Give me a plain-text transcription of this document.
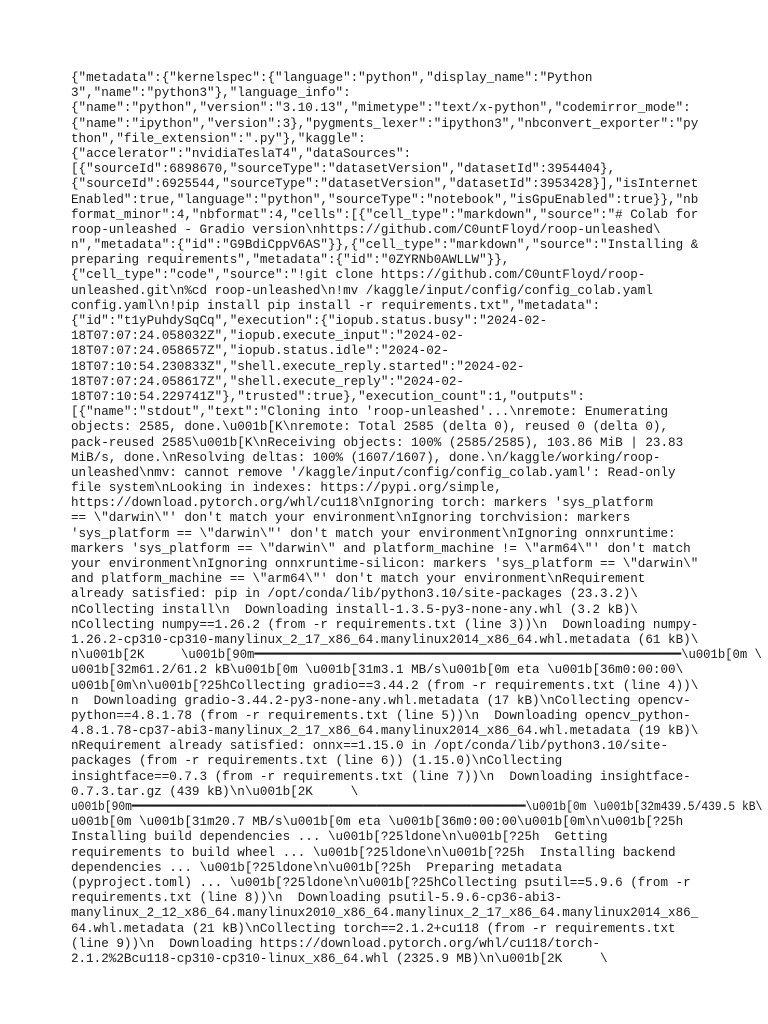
{"metadata":{"kernelspec":{"language":"python","display_name":"Python
3","name":"python3"},"language_info":
{"name":"python","version":"3.10.13","mimetype":"text/x-python","codemirror_mode":
{"name":"ipython","version":3},"pygments_lexer":"ipython3","nbconvert_exporter":"py
thon","file_extension":".py"},"kaggle":
{"accelerator":"nvidiaTeslaT4","dataSources":
[{"sourceId":6898670,"sourceType":"datasetVersion","datasetId":3954404},
{"sourceId":6925544,"sourceType":"datasetVersion","datasetId":3953428}],"isInternet
Enabled":true,"language":"python","sourceType":"notebook","isGpuEnabled":true}},"nb
format_minor":4,"nbformat":4,"cells":[{"cell_type":"markdown","source":"# Colab for
roop-unleashed - Gradio version\nhttps://github.com/C0untFloyd/roop-unleashed\
n","metadata":{"id":"G9BdiCppV6AS"}},{"cell_type":"markdown","source":"Installing &
preparing requirements","metadata":{"id":"0ZYRNb0AWLLW"}},
{"cell_type":"code","source":"!git clone https://github.com/C0untFloyd/roop-
unleashed.git\n%cd roop-unleashed\n!mv /kaggle/input/config/config_colab.yaml
config.yaml\n!pip install pip install -r requirements.txt","metadata":
{"id":"t1yPuhdySqCq","execution":{"iopub.status.busy":"2024-02-
18T07:07:24.058032Z","iopub.execute_input":"2024-02-
18T07:07:24.058657Z","iopub.status.idle":"2024-02-
18T07:10:54.230833Z","shell.execute_reply.started":"2024-02-
18T07:07:24.058617Z","shell.execute_reply":"2024-02-
18T07:10:54.229741Z"},"trusted":true},"execution_count":1,"outputs":
[{"name":"stdout","text":"Cloning into 'roop-unleashed'...\nremote: Enumerating
objects: 2585, done.\u001b[K\nremote: Total 2585 (delta 0), reused 0 (delta 0),
pack-reused 2585\u001b[K\nReceiving objects: 100% (2585/2585), 103.86 MiB | 23.83
MiB/s, done.\nResolving deltas: 100% (1607/1607), done.\n/kaggle/working/roop-
unleashed\nmv: cannot remove '/kaggle/input/config/config_colab.yaml': Read-only
file system\nLooking in indexes: https://pypi.org/simple,
https://download.pytorch.org/whl/cu118\nIgnoring torch: markers 'sys_platform
== \"darwin\"' don't match your environment\nIgnoring torchvision: markers
'sys_platform == \"darwin\"' don't match your environment\nIgnoring onnxruntime:
markers 'sys_platform == \"darwin\" and platform_machine != \"arm64\"' don't match
your environment\nIgnoring onnxruntime-silicon: markers 'sys_platform == \"darwin\"
and platform_machine == \"arm64\"' don't match your environment\nRequirement
already satisfied: pip in /opt/conda/lib/python3.10/site-packages (23.3.2)\
nCollecting install\n  Downloading install-1.3.5-py3-none-any.whl (3.2 kB)\
nCollecting numpy==1.26.2 (from -r requirements.txt (line 3))\n  Downloading numpy-
1.26.2-cp310-cp310-manylinux_2_17_x86_64.manylinux2014_x86_64.whl.metadata (61 kB)\
n\u001b[2K     \u001b[90m━━━━━━━━━━━━━━━━━━━━━━━━━━━━━━━━━━━━━━━━━━━━━━━━━━━━━━━━━━\u001b[0m \
u001b[32m61.2/61.2 kB\u001b[0m \u001b[31m3.1 MB/s\u001b[0m eta \u001b[36m0:00:00\
u001b[0m\n\u001b[?25hCollecting gradio==3.44.2 (from -r requirements.txt (line 4))\
n  Downloading gradio-3.44.2-py3-none-any.whl.metadata (17 kB)\nCollecting opencv-
python==4.8.1.78 (from -r requirements.txt (line 5))\n  Downloading opencv_python-
4.8.1.78-cp37-abi3-manylinux_2_17_x86_64.manylinux2014_x86_64.whl.metadata (19 kB)\
nRequirement already satisfied: onnx==1.15.0 in /opt/conda/lib/python3.10/site-
packages (from -r requirements.txt (line 6)) (1.15.0)\nCollecting
insightface==0.7.3 (from -r requirements.txt (line 7))\n  Downloading insightface-
0.7.3.tar.gz (439 kB)\n\u001b[2K     \
u001b[90m━━━━━━━━━━━━━━━━━━━━━━━━━━━━━━━━━━━━━━━━━━━━━━━━━━━━━━━━━━\u001b[0m \u001b[32m439.5/439.5 kB\
u001b[0m \u001b[31m20.7 MB/s\u001b[0m eta \u001b[36m0:00:00\u001b[0m\n\u001b[?25h
Installing build dependencies ... \u001b[?25ldone\n\u001b[?25h  Getting
requirements to build wheel ... \u001b[?25ldone\n\u001b[?25h  Installing backend
dependencies ... \u001b[?25ldone\n\u001b[?25h  Preparing metadata
(pyproject.toml) ... \u001b[?25ldone\n\u001b[?25hCollecting psutil==5.9.6 (from -r
requirements.txt (line 8))\n  Downloading psutil-5.9.6-cp36-abi3-
manylinux_2_12_x86_64.manylinux2010_x86_64.manylinux_2_17_x86_64.manylinux2014_x86_
64.whl.metadata (21 kB)\nCollecting torch==2.1.2+cu118 (from -r requirements.txt
(line 9))\n  Downloading https://download.pytorch.org/whl/cu118/torch-
2.1.2%2Bcu118-cp310-cp310-linux_x86_64.whl (2325.9 MB)\n\u001b[2K     \
